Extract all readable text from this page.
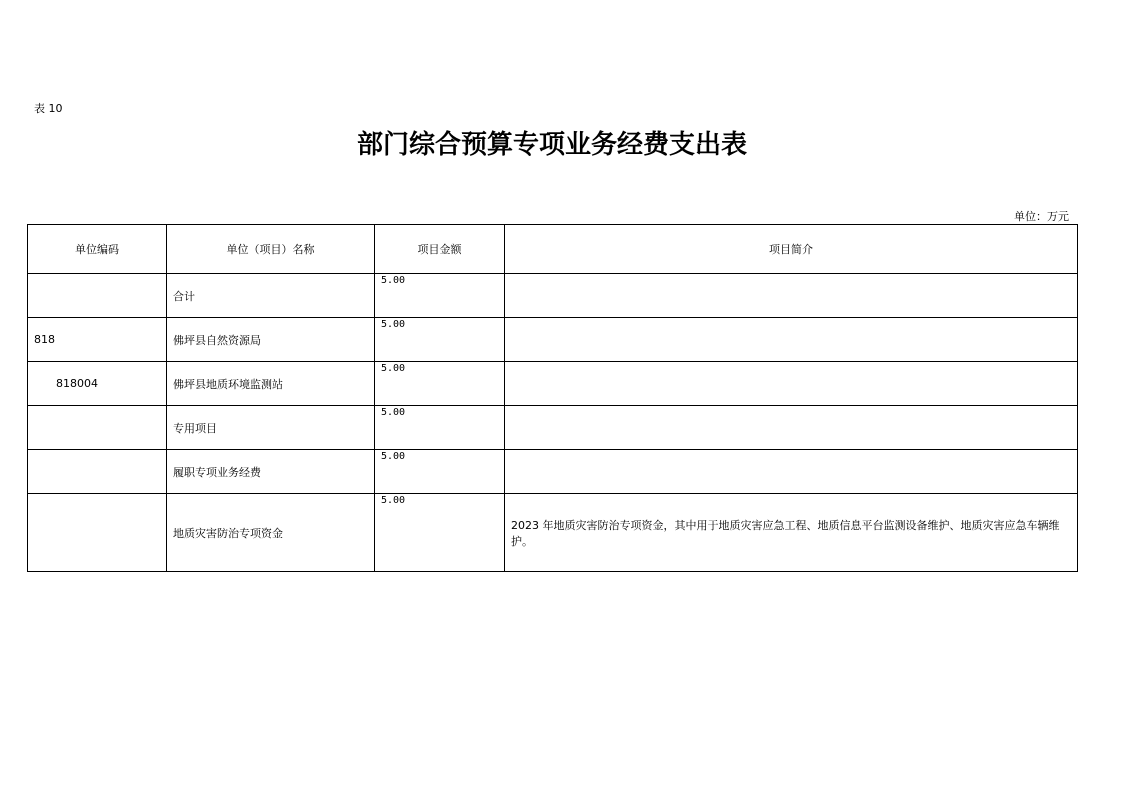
表 10
部门综合预算专项业务经费支出表
单位：万元
单位编码	单位（项目）名称	项目金额	项目简介
	合计	5.00	

818	佛坪县自然资源局	5.00	

818004	佛坪县地质环境监测站	5.00	

	专用项目	5.00	

	履职专项业务经费	5.00	

	地质灾害防治专项资金	5.00	2023 年地质灾害防治专项资金，其中用于地质灾害应急工程、地质信息平台监测设备维护、地质灾害应急车辆维护。
